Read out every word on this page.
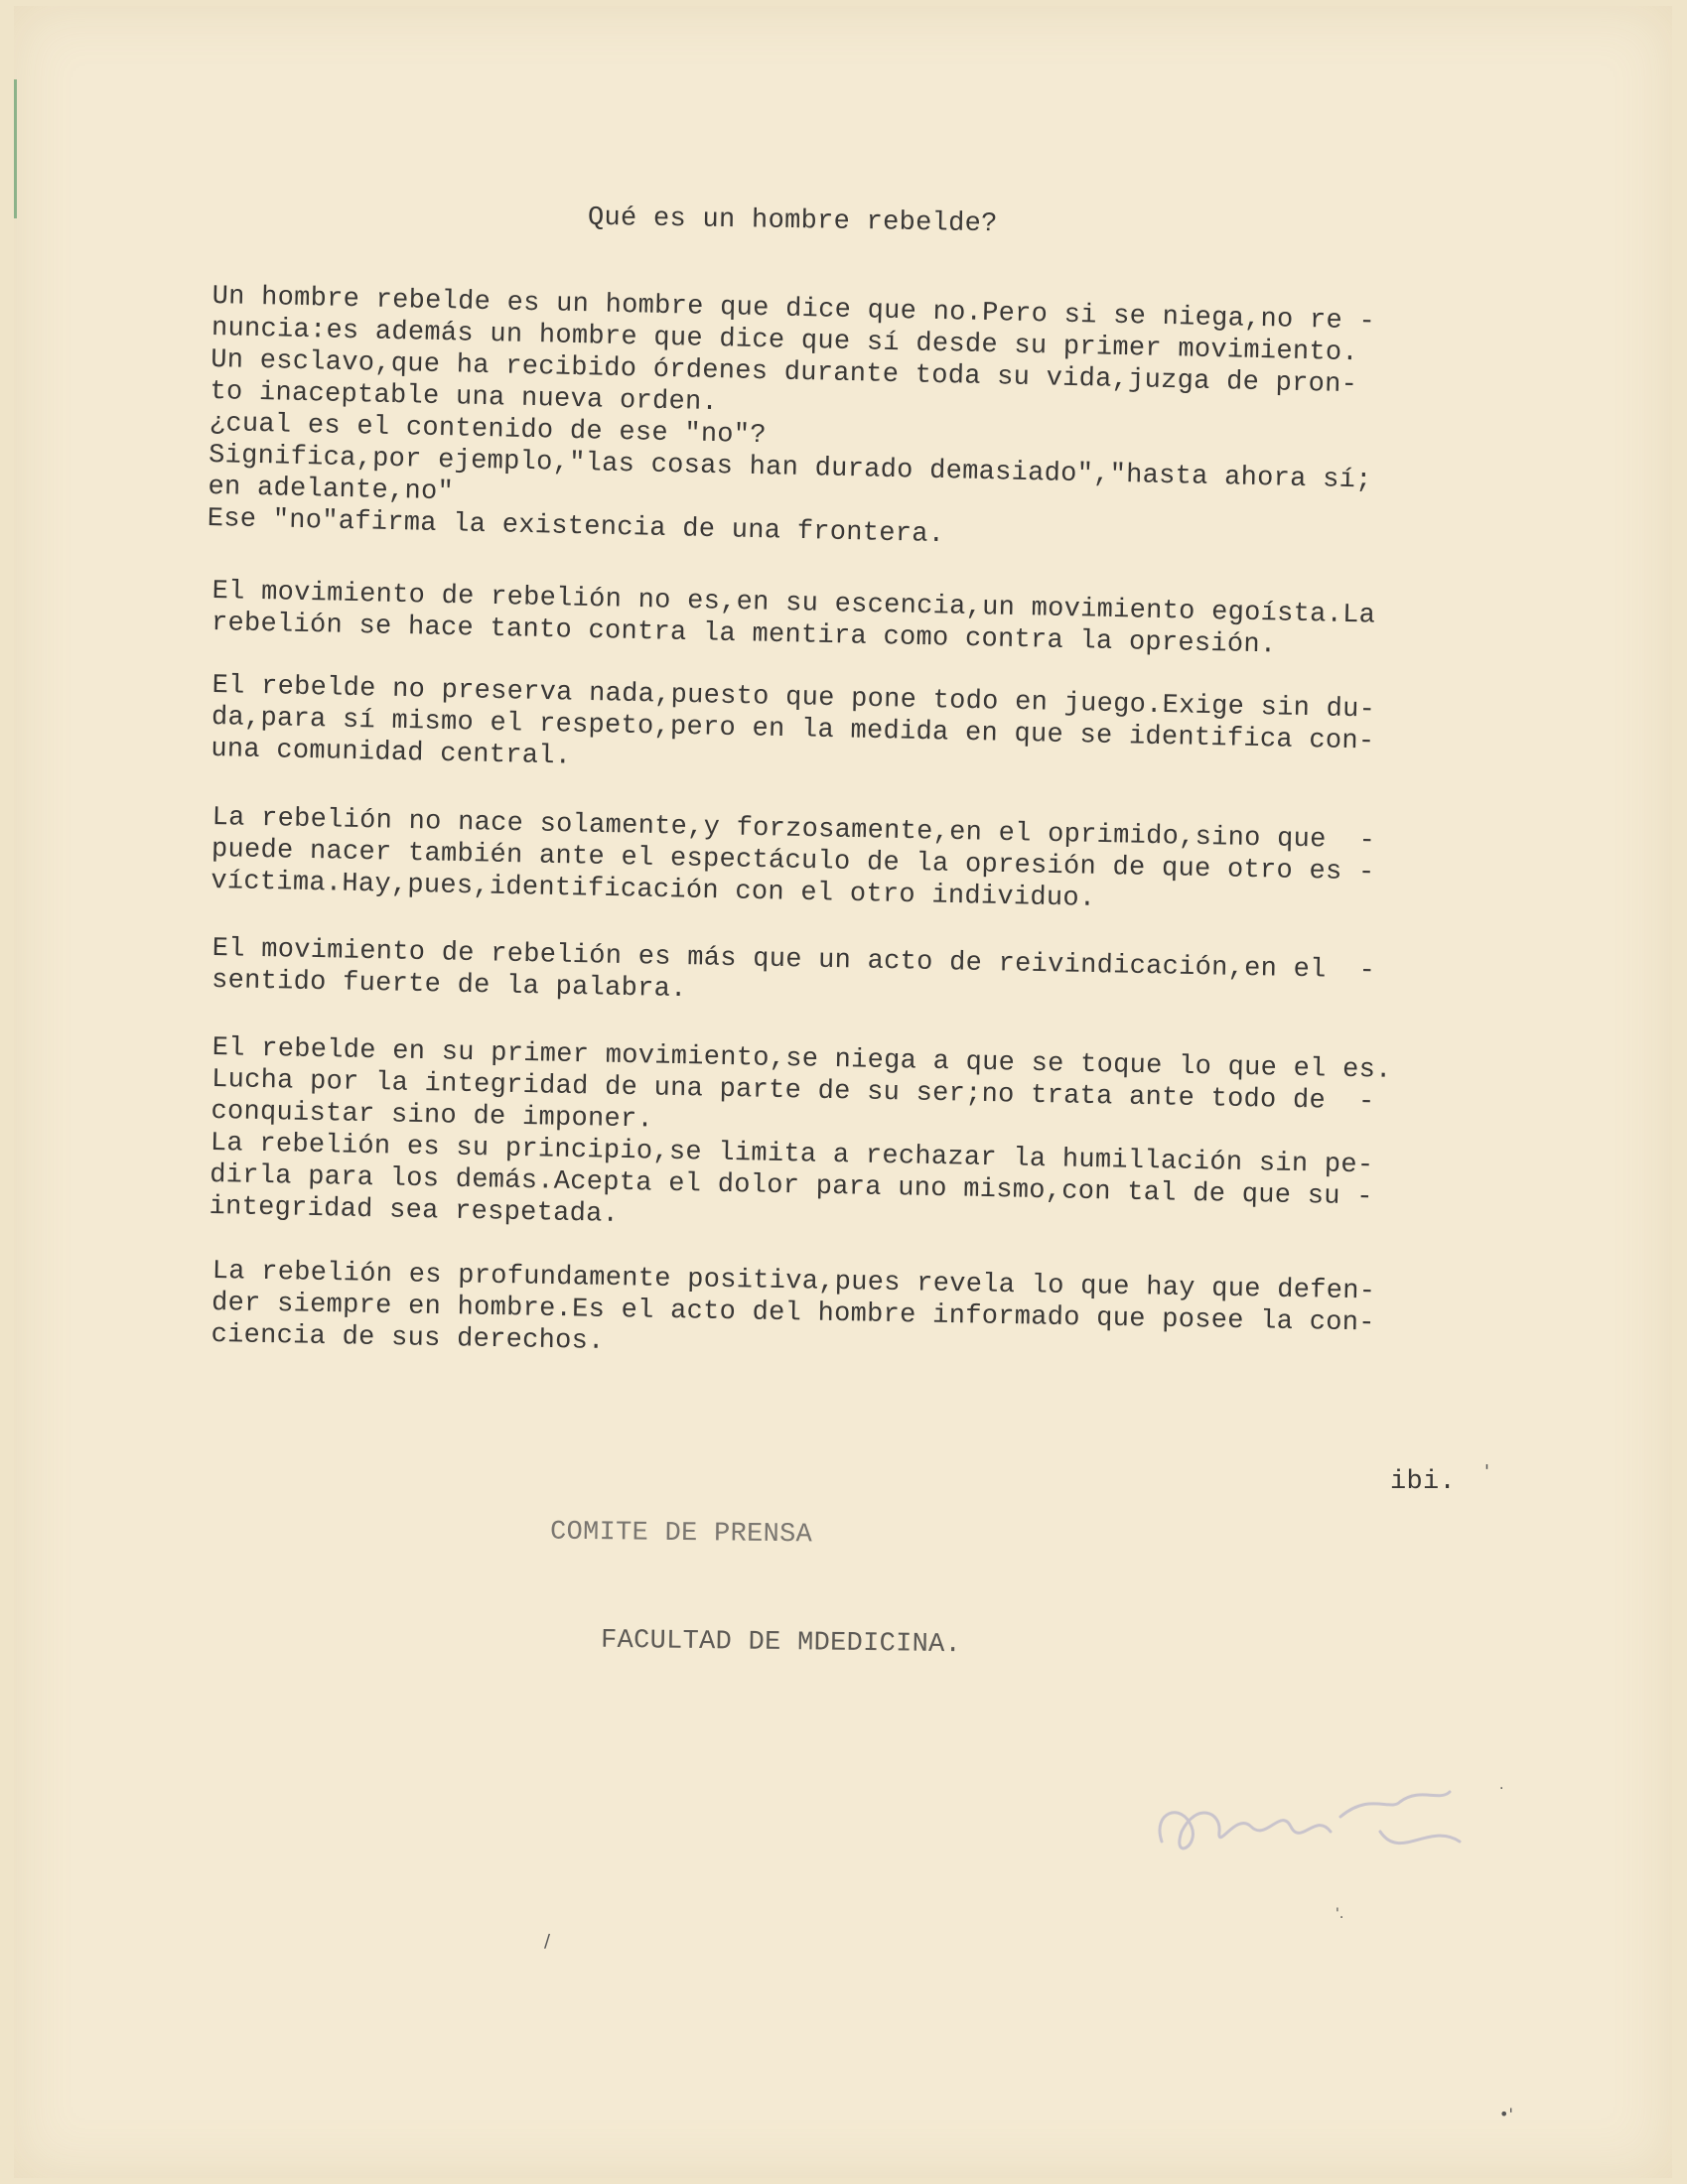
Qué es un hombre rebelde?

Un hombre rebelde es un hombre que dice que no.Pero si se niega,no re -
nuncia:es además un hombre que dice que sí desde su primer movimiento.
Un esclavo,que ha recibido órdenes durante toda su vida,juzga de pron-
to inaceptable una nueva orden.
¿cual es el contenido de ese "no"?
Significa,por ejemplo,"las cosas han durado demasiado","hasta ahora sí;
en adelante,no"
Ese "no"afirma la existencia de una frontera.

El movimiento de rebelión no es,en su escencia,un movimiento egoísta.La
rebelión se hace tanto contra la mentira como contra la opresión.

El rebelde no preserva nada,puesto que pone todo en juego.Exige sin du-
da,para sí mismo el respeto,pero en la medida en que se identifica con-
una comunidad central.

La rebelión no nace solamente,y forzosamente,en el oprimido,sino que  -
puede nacer también ante el espectáculo de la opresión de que otro es -
víctima.Hay,pues,identificación con el otro individuo.

El movimiento de rebelión es más que un acto de reivindicación,en el  -
sentido fuerte de la palabra.

El rebelde en su primer movimiento,se niega a que se toque lo que el es.
Lucha por la integridad de una parte de su ser;no trata ante todo de  -
conquistar sino de imponer.
La rebelión es su principio,se limita a rechazar la humillación sin pe-
dirla para los demás.Acepta el dolor para uno mismo,con tal de que su -
integridad sea respetada.

La rebelión es profundamente positiva,pues revela lo que hay que defen-
der siempre en hombre.Es el acto del hombre informado que posee la con-
ciencia de sus derechos.

ibi.

COMITE DE PRENSA

FACULTAD DE MDEDICINA.

'
'.
.
/
•'
